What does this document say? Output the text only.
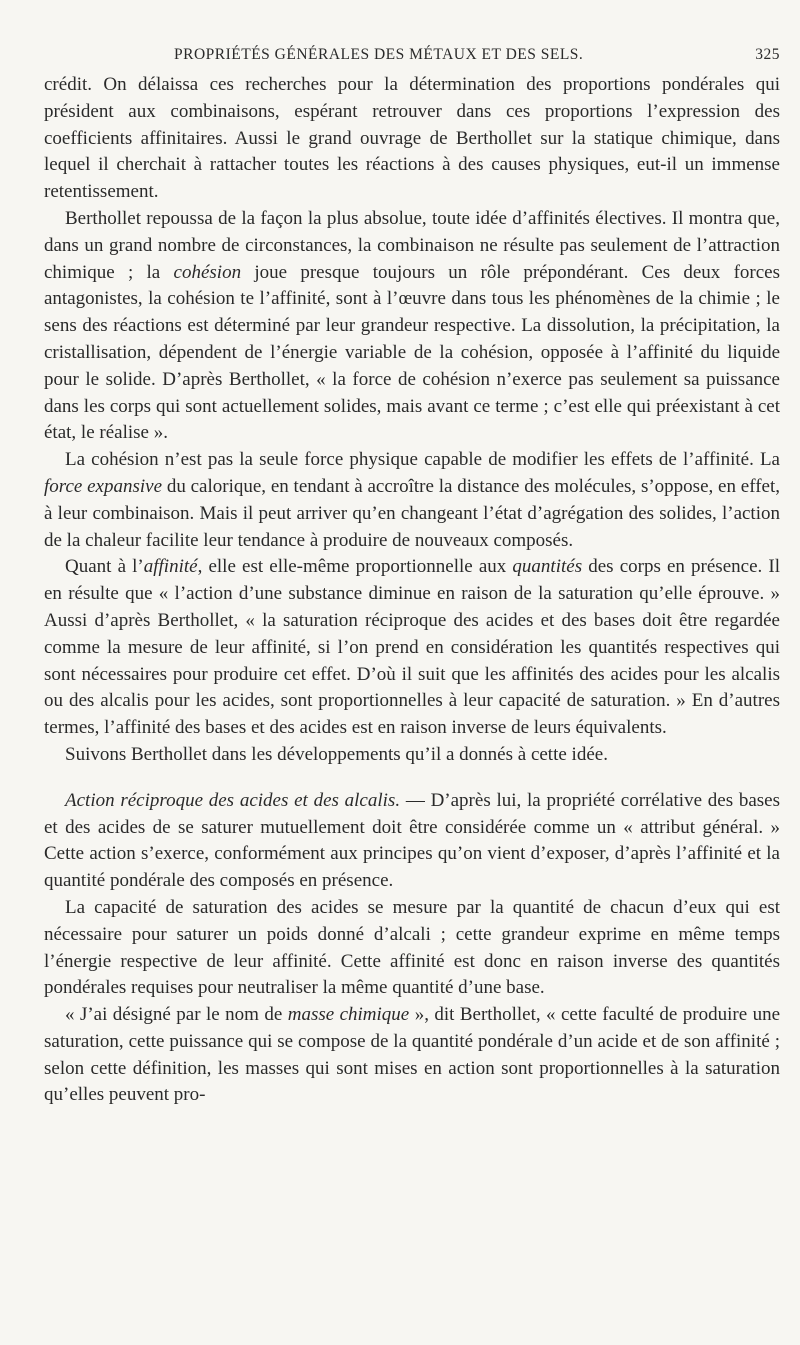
PROPRIÉTÉS GÉNÉRALES DES MÉTAUX ET DES SELS.	325

crédit. On délaissa ces recherches pour la détermination des proportions pondérales qui président aux combinaisons, espérant retrouver dans ces proportions l’expression des coefficients affinitaires. Aussi le grand ouvrage de Berthollet sur la statique chimique, dans lequel il cherchait à rattacher toutes les réactions à des causes physiques, eut-il un immense retentissement.

Berthollet repoussa de la façon la plus absolue, toute idée d’affinités électives. Il montra que, dans un grand nombre de circonstances, la combinaison ne résulte pas seulement de l’attraction chimique ; la cohésion joue presque toujours un rôle prépondérant. Ces deux forces antagonistes, la cohésion te l’affinité, sont à l’œuvre dans tous les phénomènes de la chimie ; le sens des réactions est déterminé par leur grandeur respective. La dissolution, la précipitation, la cristallisation, dépendent de l’énergie variable de la cohésion, opposée à l’affinité du liquide pour le solide. D’après Berthollet, « la force de cohésion n’exerce pas seulement sa puissance dans les corps qui sont actuellement solides, mais avant ce terme ; c’est elle qui préexistant à cet état, le réalise ».

La cohésion n’est pas la seule force physique capable de modifier les effets de l’affinité. La force expansive du calorique, en tendant à accroître la distance des molécules, s’oppose, en effet, à leur combinaison. Mais il peut arriver qu’en changeant l’état d’agrégation des solides, l’action de la chaleur facilite leur tendance à produire de nouveaux composés.

Quant à l’affinité, elle est elle-même proportionnelle aux quantités des corps en présence. Il en résulte que « l’action d’une substance diminue en raison de la saturation qu’elle éprouve. » Aussi d’après Berthollet, « la saturation réciproque des acides et des bases doit être regardée comme la mesure de leur affinité, si l’on prend en considération les quantités respectives qui sont nécessaires pour produire cet effet. D’où il suit que les affinités des acides pour les alcalis ou des alcalis pour les acides, sont proportionnelles à leur capacité de saturation. » En d’autres termes, l’affinité des bases et des acides est en raison inverse de leurs équivalents.

Suivons Berthollet dans les développements qu’il a donnés à cette idée.

Action réciproque des acides et des alcalis. — D’après lui, la propriété corrélative des bases et des acides de se saturer mutuellement doit être considérée comme un « attribut général. » Cette action s’exerce, conformément aux principes qu’on vient d’exposer, d’après l’affinité et la quantité pondérale des composés en présence.

La capacité de saturation des acides se mesure par la quantité de chacun d’eux qui est nécessaire pour saturer un poids donné d’alcali ; cette grandeur exprime en même temps l’énergie respective de leur affinité. Cette affinité est donc en raison inverse des quantités pondérales requises pour neutraliser la même quantité d’une base.

« J’ai désigné par le nom de masse chimique », dit Berthollet, « cette faculté de produire une saturation, cette puissance qui se compose de la quantité pondérale d’un acide et de son affinité ; selon cette définition, les masses qui sont mises en action sont proportionnelles à la saturation qu’elles peuvent pro-
